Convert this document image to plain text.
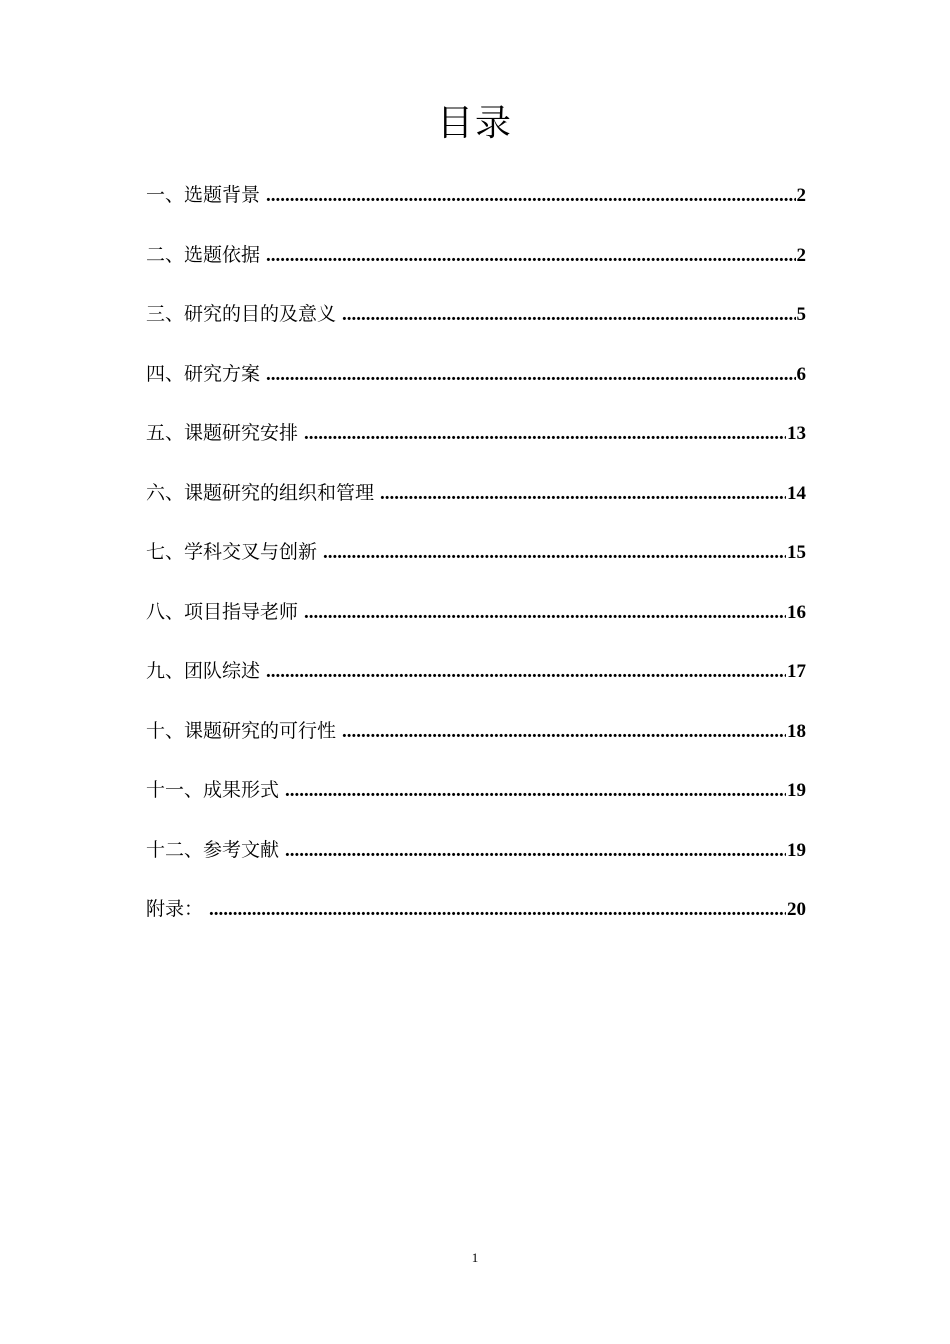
目录
一、选题背景 .....	2
二、选题依据 .....	2
三、研究的目的及意义 .....	5
四、研究方案 .....	6
五、课题研究安排 .....	13
六、课题研究的组织和管理 .....	14
七、学科交叉与创新 .....	15
八、项目指导老师 .....	16
九、团队综述 .....	17
十、课题研究的可行性 .....	18
十一、成果形式 .....	19
十二、参考文献 .....	19
附录： .....	20
1
